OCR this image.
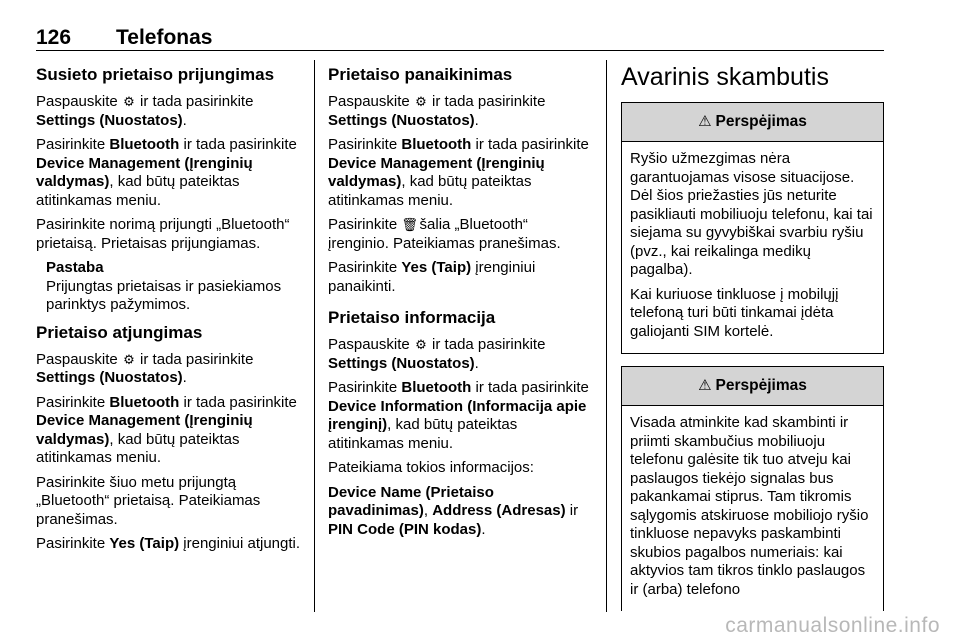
126 Telefonas
Susieto prietaiso prijungimas

Paspauskite ⚙ ir tada pasirinkite Settings (Nuostatos).

Pasirinkite Bluetooth ir tada pasirinkite Device Management (Įrenginių valdymas), kad būtų pateiktas atitinkamas meniu.

Pasirinkite norimą prijungti „Bluetooth“ prietaisą. Prietaisas prijungiamas.

Pastaba
Prijungtas prietaisas ir pasiekiamos parinktys pažymimos.
Prietaiso atjungimas

Paspauskite ⚙ ir tada pasirinkite Settings (Nuostatos).

Pasirinkite Bluetooth ir tada pasirinkite Device Management (Įrenginių valdymas), kad būtų pateiktas atitinkamas meniu.

Pasirinkite šiuo metu prijungtą „Bluetooth“ prietaisą. Pateikiamas pranešimas.

Pasirinkite Yes (Taip) įrenginiui atjungti.

Prietaiso panaikinimas

Paspauskite ⚙ ir tada pasirinkite Settings (Nuostatos).

Pasirinkite Bluetooth ir tada pasirinkite Device Management (Įrenginių valdymas), kad būtų pateiktas atitinkamas meniu.

Pasirinkite 🗑 šalia „Bluetooth“ įrenginio. Pateikiamas pranešimas.

Pasirinkite Yes (Taip) įrenginiui panaikinti.

Prietaiso informacija

Paspauskite ⚙ ir tada pasirinkite Settings (Nuostatos).

Pasirinkite Bluetooth ir tada pasirinkite Device Information (Informacija apie įrenginį), kad būtų pateiktas atitinkamas meniu.

Pateikiama tokios informacijos:

Device Name (Prietaiso pavadinimas), Address (Adresas) ir PIN Code (PIN kodas).

Avarinis skambutis
⚠ Perspėjimas

Ryšio užmezgimas nėra garantuojamas visose situacijose. Dėl šios priežasties jūs neturite pasikliauti mobiliuoju telefonu, kai tai siejama su gyvybiškai svarbiu ryšiu (pvz., kai reikalinga medikų pagalba).

Kai kuriuose tinkluose į mobilųjį telefoną turi būti tinkamai įdėta galiojanti SIM kortelė.

⚠ Perspėjimas

Visada atminkite kad skambinti ir priimti skambučius mobiliuoju telefonu galėsite tik tuo atveju kai paslaugos tiekėjo signalas bus pakankamai stiprus. Tam tikromis sąlygomis atskiruose mobiliojo ryšio tinkluose nepavyks paskambinti skubios pagalbos numeriais: kai aktyvios tam tikros tinklo paslaugos ir (arba) telefono

carmanualsonline.info
